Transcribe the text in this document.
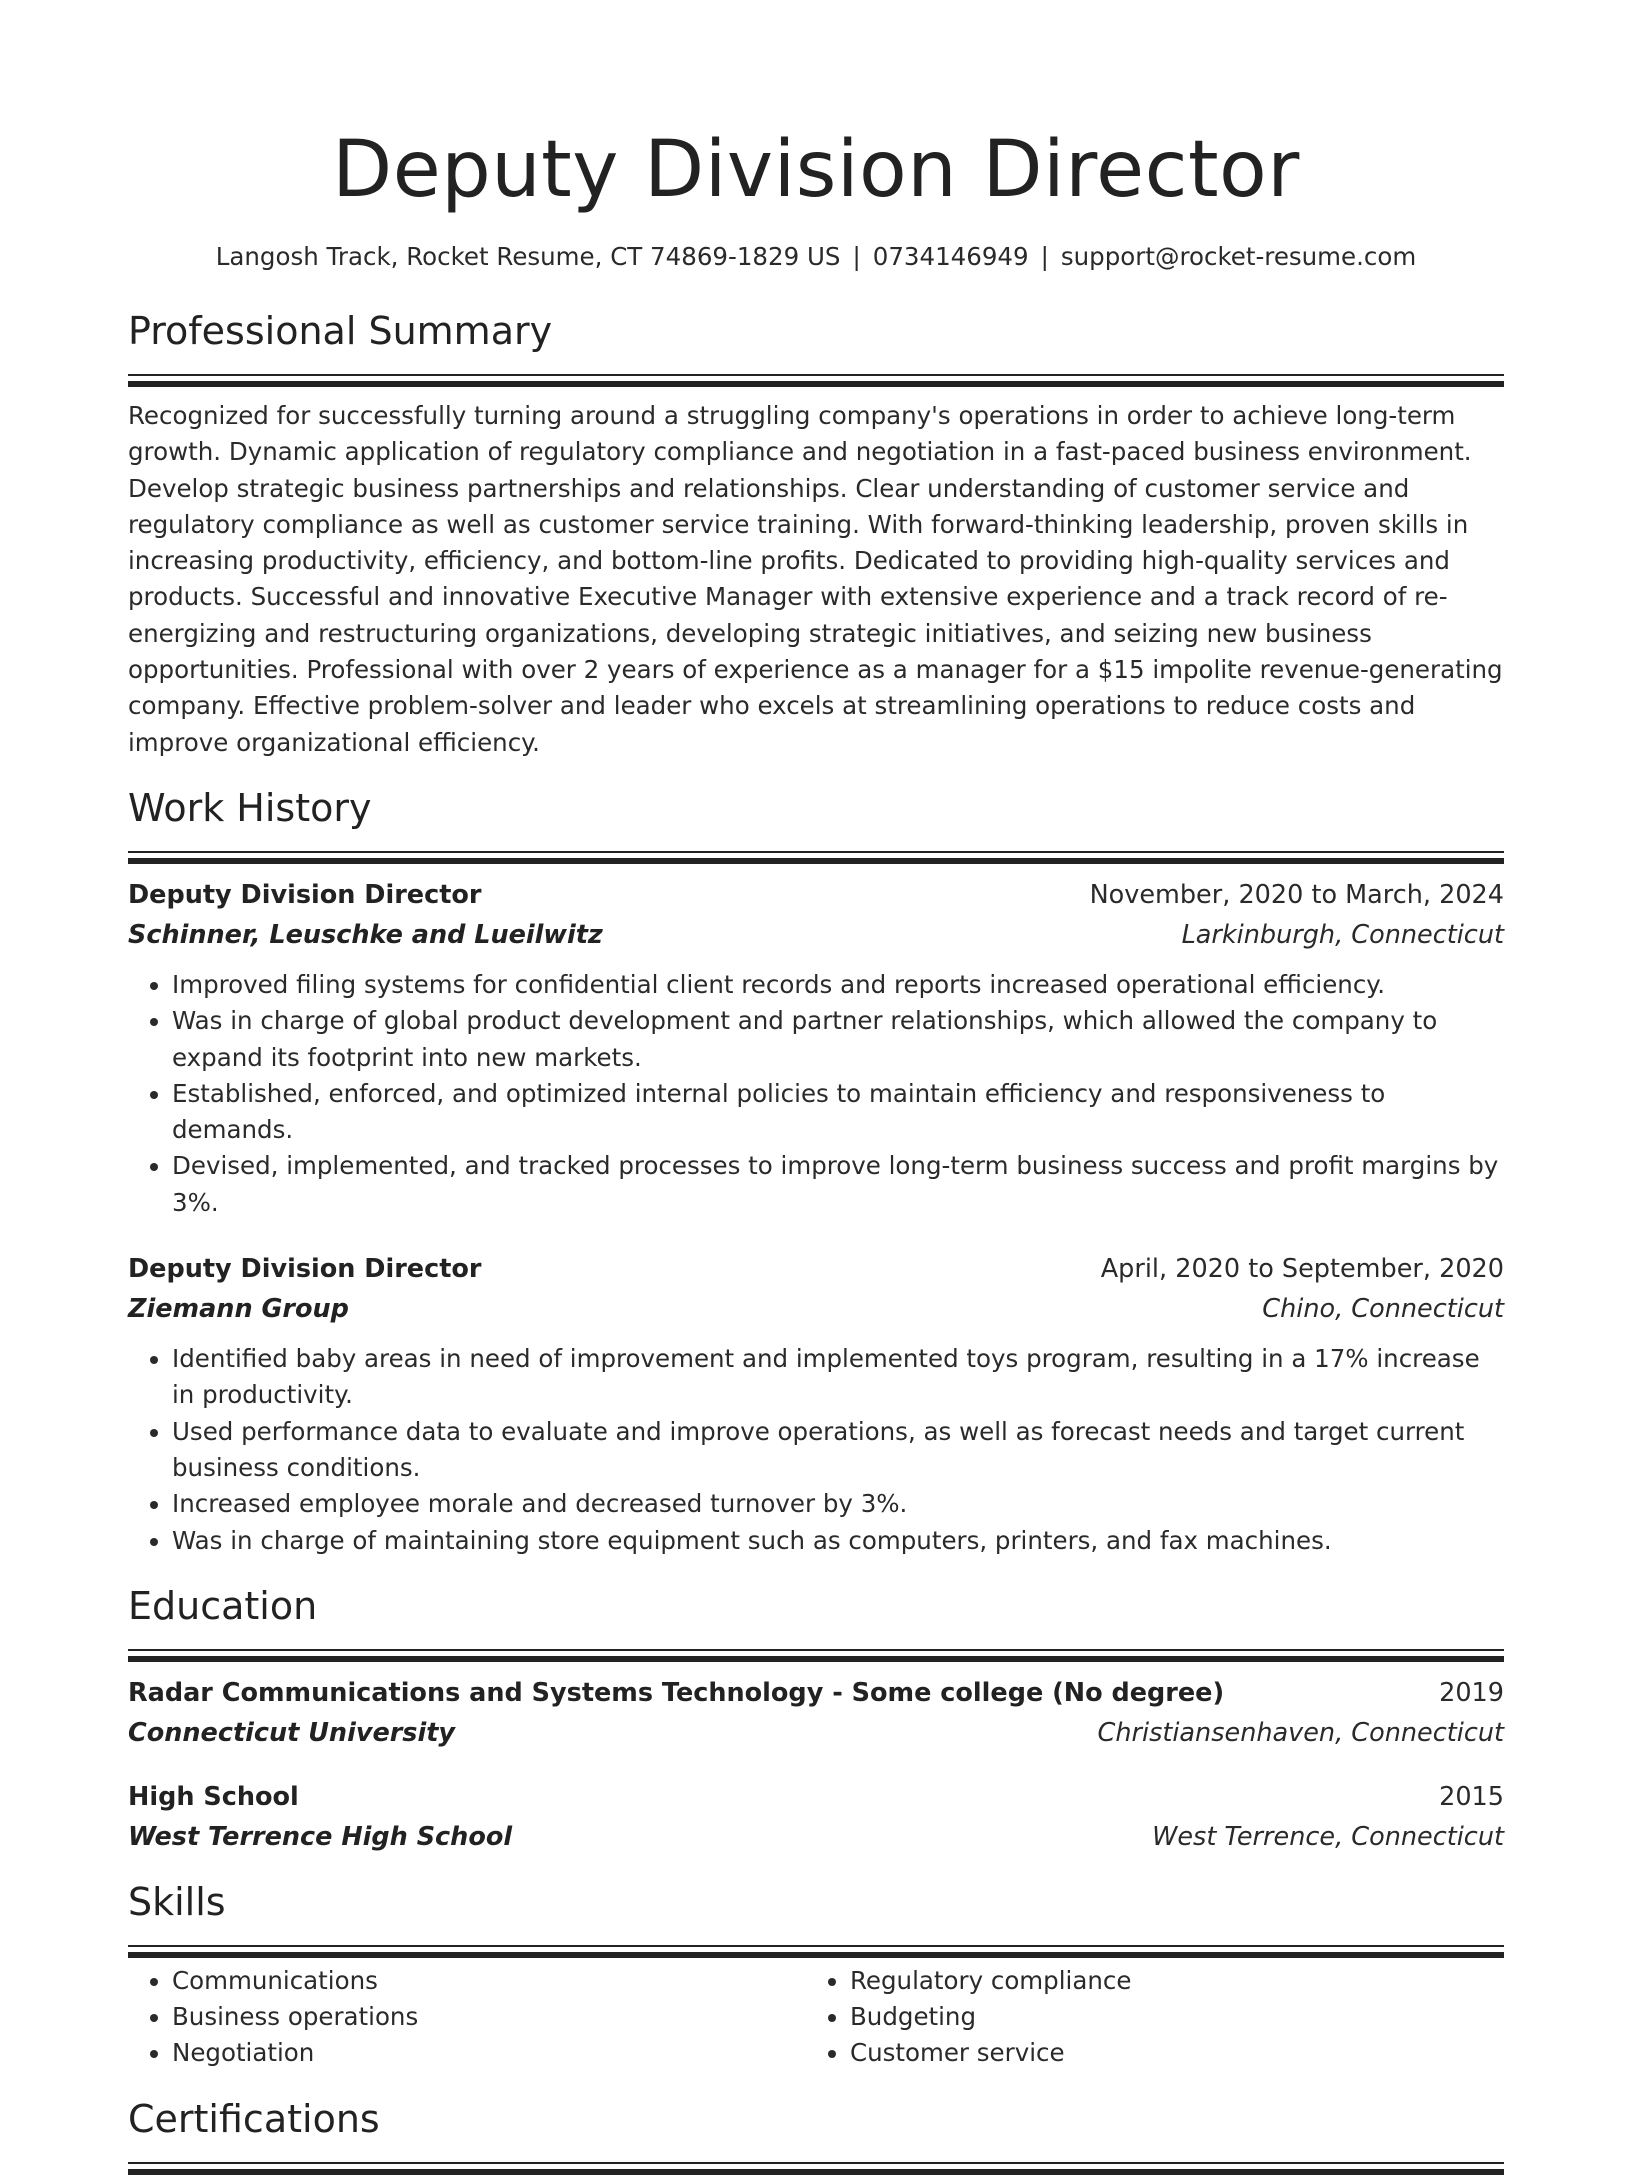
Deputy Division Director
Langosh Track, Rocket Resume, CT 74869-1829 US | 0734146949 | support@rocket-resume.com
Professional Summary

Recognized for successfully turning around a struggling company's operations in order to achieve long-term growth. Dynamic application of regulatory compliance and negotiation in a fast-paced business environment. Develop strategic business partnerships and relationships. Clear understanding of customer service and regulatory compliance as well as customer service training. With forward-thinking leadership, proven skills in increasing productivity, efficiency, and bottom-line profits. Dedicated to providing high-quality services and products. Successful and innovative Executive Manager with extensive experience and a track record of re-energizing and restructuring organizations, developing strategic initiatives, and seizing new business opportunities. Professional with over 2 years of experience as a manager for a $15 impolite revenue-generating company. Effective problem-solver and leader who excels at streamlining operations to reduce costs and improve organizational efficiency.

Work History
Deputy Division Director	November, 2020 to March, 2024
Schinner, Leuschke and Lueilwitz	Larkinburgh, Connecticut
• Improved filing systems for confidential client records and reports increased operational efficiency.
• Was in charge of global product development and partner relationships, which allowed the company to expand its footprint into new markets.
• Established, enforced, and optimized internal policies to maintain efficiency and responsiveness to demands.
• Devised, implemented, and tracked processes to improve long-term business success and profit margins by 3%.
Deputy Division Director	April, 2020 to September, 2020
Ziemann Group	Chino, Connecticut
• Identified baby areas in need of improvement and implemented toys program, resulting in a 17% increase in productivity.
• Used performance data to evaluate and improve operations, as well as forecast needs and target current business conditions.
• Increased employee morale and decreased turnover by 3%.
• Was in charge of maintaining store equipment such as computers, printers, and fax machines.
Education
Radar Communications and Systems Technology - Some college (No degree)	2019
Connecticut University	Christiansenhaven, Connecticut
High School	2015
West Terrence High School	West Terrence, Connecticut
Skills
• Communications
• Business operations
• Negotiation
• Regulatory compliance
• Budgeting
• Customer service
Certifications
